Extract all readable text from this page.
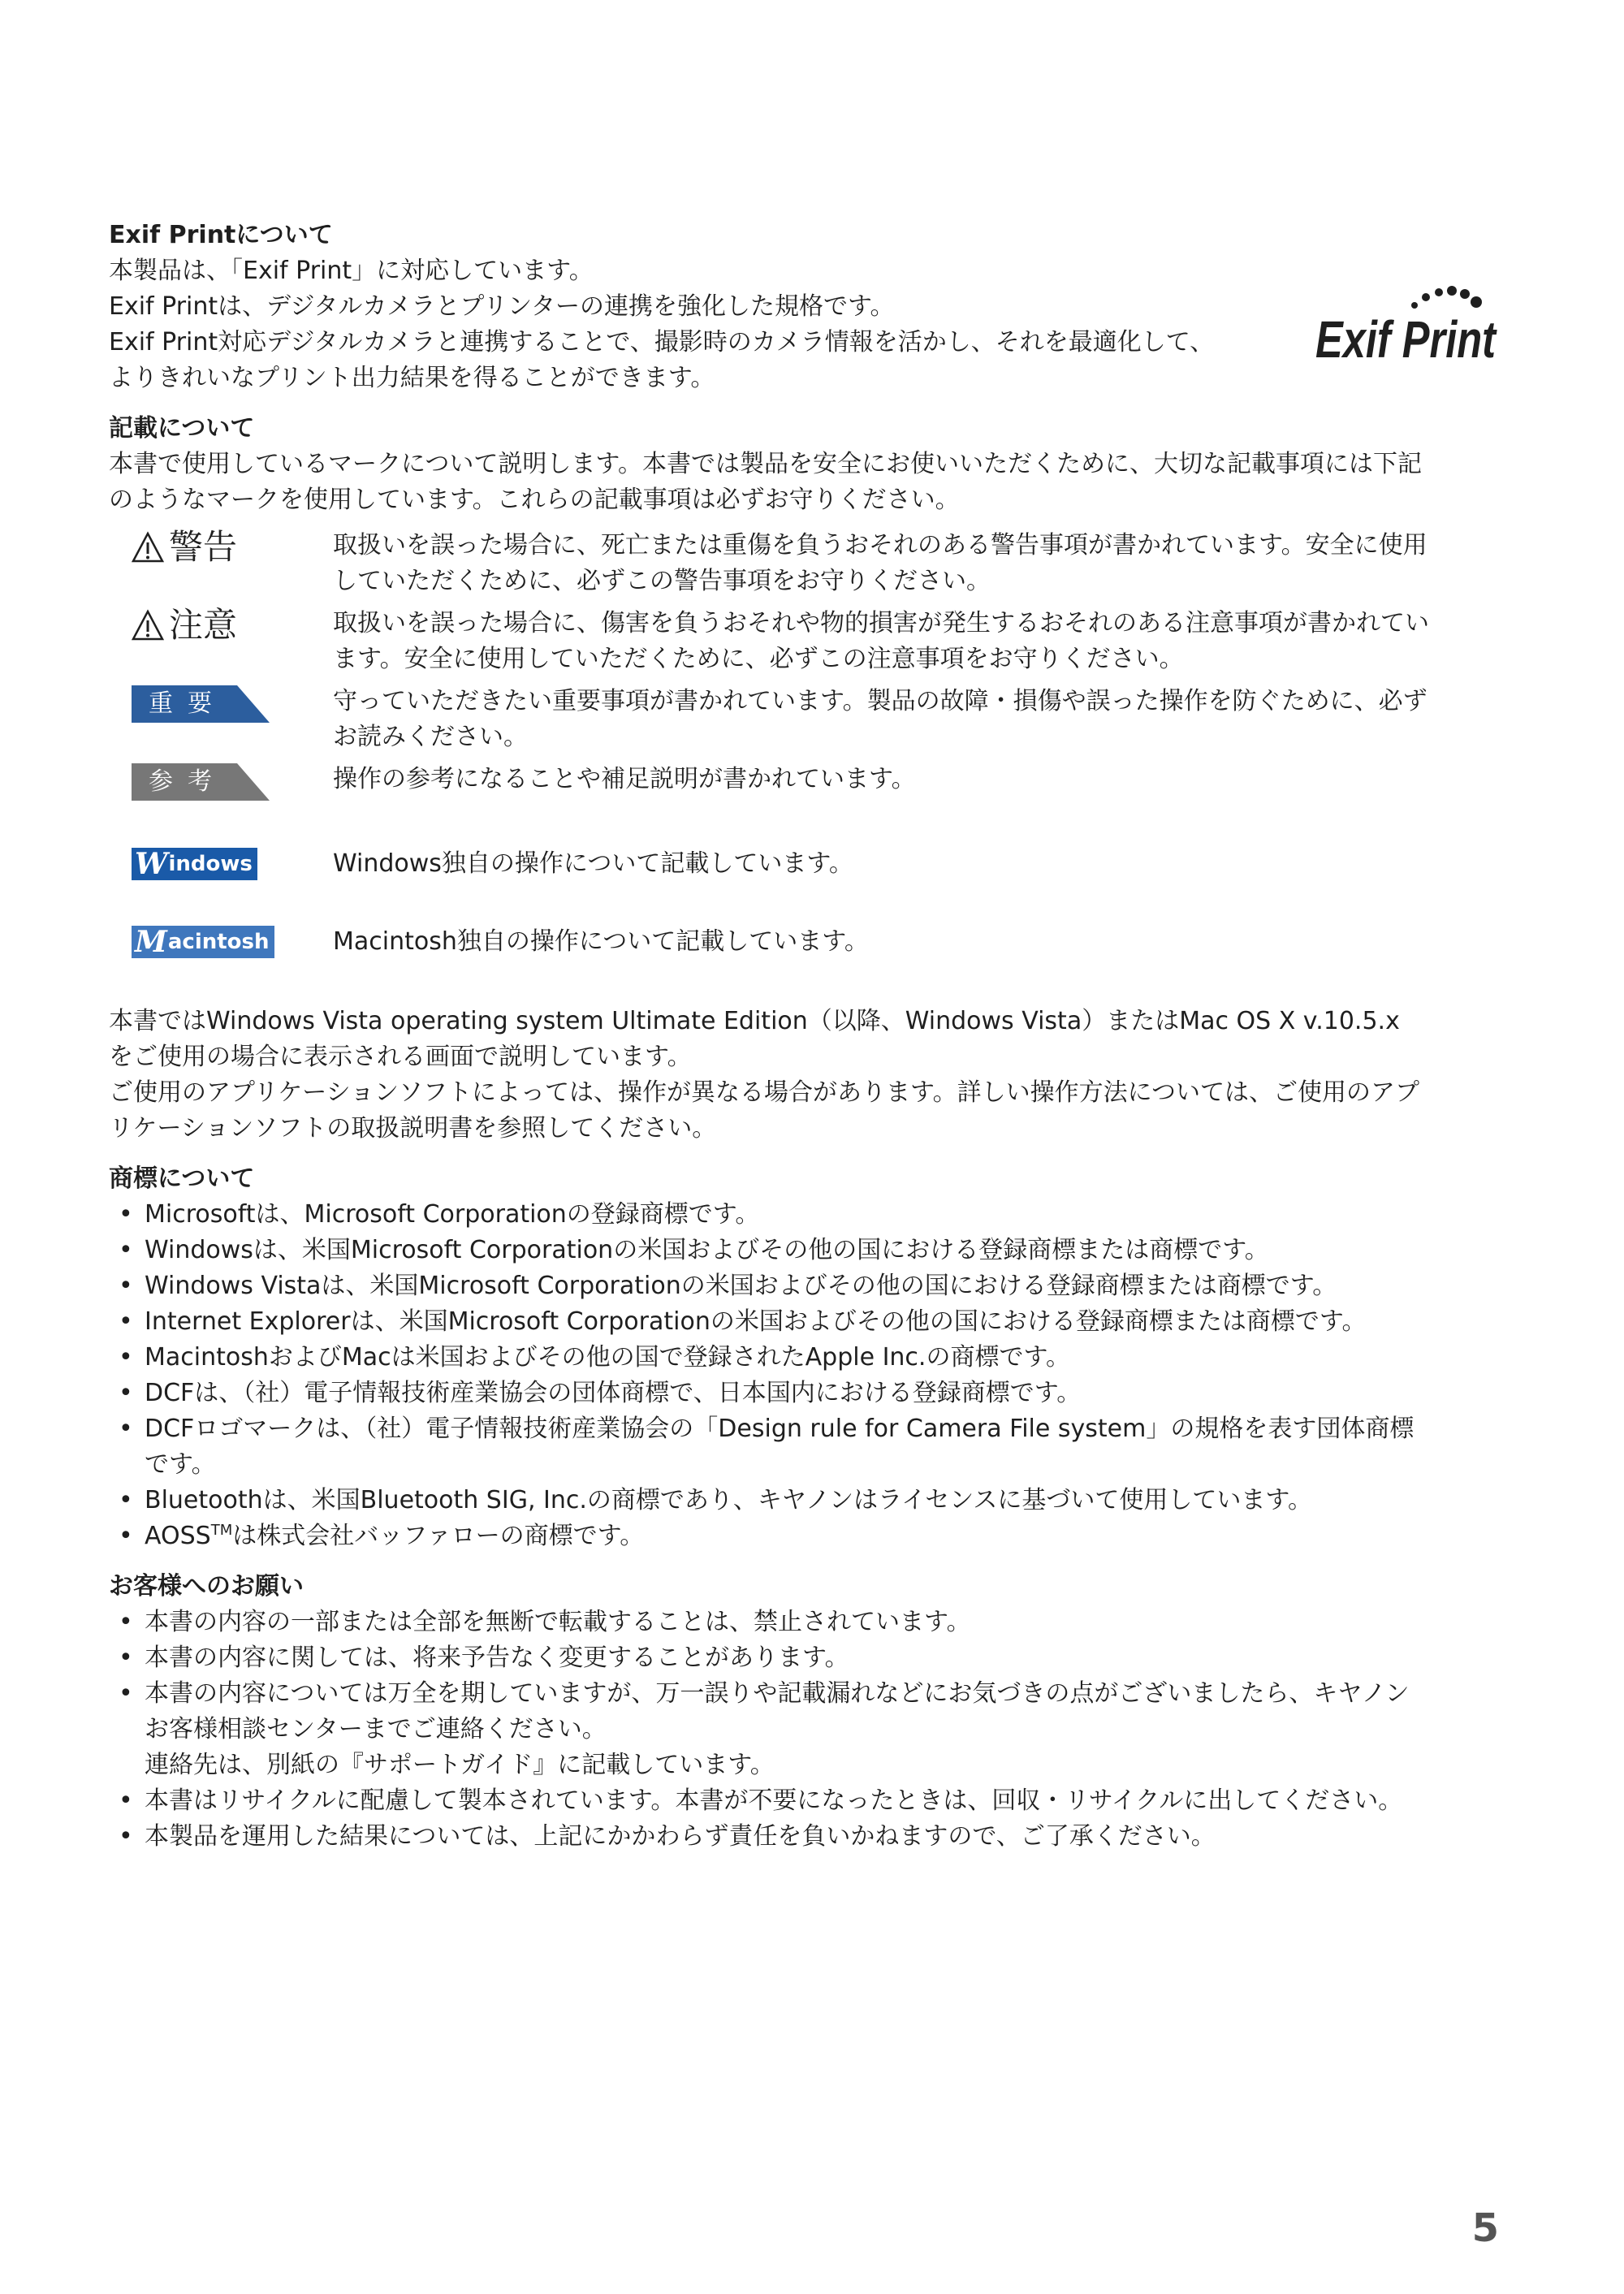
Exif Printについて

本製品は、「Exif Print」に対応しています。

Exif Printは、デジタルカメラとプリンターの連携を強化した規格です。

Exif Print対応デジタルカメラと連携することで、撮影時のカメラ情報を活かし、それを最適化して、

よりきれいなプリント出力結果を得ることができます。

Exif Print

記載について

本書で使用しているマークについて説明します。本書では製品を安全にお使いいただくために、大切な記載事項には下記

のようなマークを使用しています。これらの記載事項は必ずお守りください。

警告	取扱いを誤った場合に、死亡または重傷を負うおそれのある警告事項が書かれています。安全に使用
していただくために、必ずこの警告事項をお守りください。
注意	取扱いを誤った場合に、傷害を負うおそれや物的損害が発生するおそれのある注意事項が書かれてい
ます。安全に使用していただくために、必ずこの注意事項をお守りください。
重要	守っていただきたい重要事項が書かれています。製品の故障・損傷や誤った操作を防ぐために、必ず
お読みください。
参考	操作の参考になることや補足説明が書かれています。
W indows	Windows独自の操作について記載しています。
M acintosh	Macintosh独自の操作について記載しています。

本書ではWindows Vista operating system Ultimate Edition（以降、Windows Vista）またはMac OS X v.10.5.x

をご使用の場合に表示される画面で説明しています。

ご使用のアプリケーションソフトによっては、操作が異なる場合があります。詳しい操作方法については、ご使用のアプ

リケーションソフトの取扱説明書を参照してください。

商標について

• Microsoftは、Microsoft Corporationの登録商標です。
• Windowsは、米国Microsoft Corporationの米国およびその他の国における登録商標または商標です。
• Windows Vistaは、米国Microsoft Corporationの米国およびその他の国における登録商標または商標です。
• Internet Explorerは、米国Microsoft Corporationの米国およびその他の国における登録商標または商標です。
• MacintoshおよびMacは米国およびその他の国で登録されたApple Inc.の商標です。
• DCFは、（社）電子情報技術産業協会の団体商標で、日本国内における登録商標です。
• DCFロゴマークは、（社）電子情報技術産業協会の「Design rule for Camera File system」の規格を表す団体商標
です。
• Bluetoothは、米国Bluetooth SIG, Inc.の商標であり、キヤノンはライセンスに基づいて使用しています。
• AOSS™は株式会社バッファローの商標です。

お客様へのお願い

• 本書の内容の一部または全部を無断で転載することは、禁止されています。
• 本書の内容に関しては、将来予告なく変更することがあります。
• 本書の内容については万全を期していますが、万一誤りや記載漏れなどにお気づきの点がございましたら、キヤノン
お客様相談センターまでご連絡ください。
連絡先は、別紙の『サポートガイド』に記載しています。
• 本書はリサイクルに配慮して製本されています。本書が不要になったときは、回収・リサイクルに出してください。
• 本製品を運用した結果については、上記にかかわらず責任を負いかねますので、ご了承ください。
5
